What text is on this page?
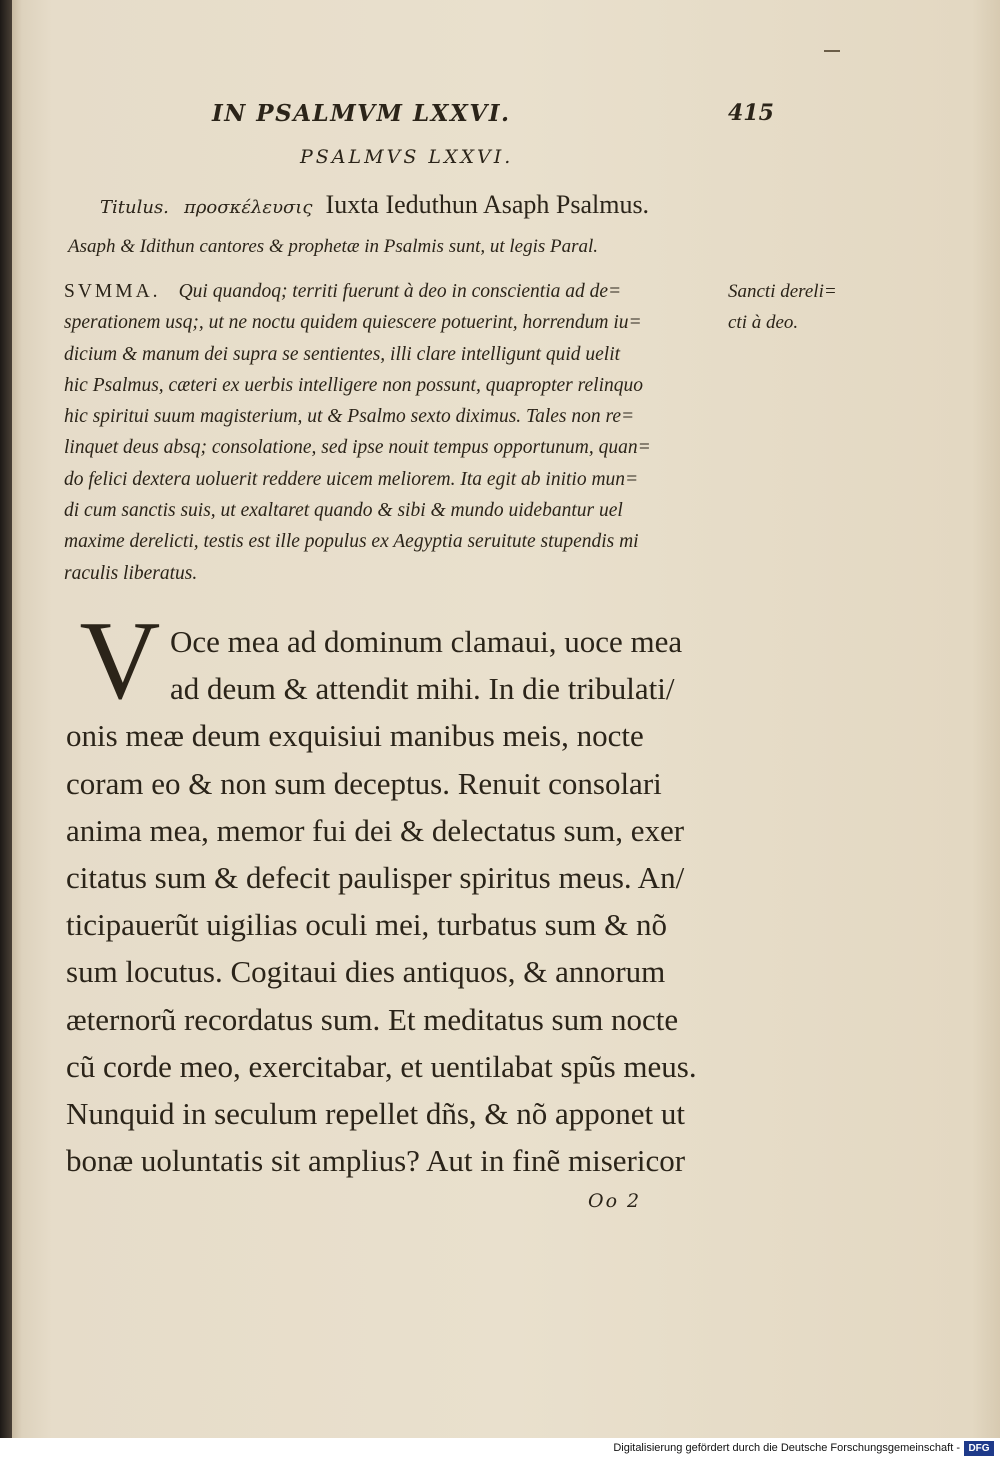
IN PSALMVM LXXVI.	415
PSALMVS LXXVI.
Titulus. προσκέλευσις Iuxta Ieduthun Asaph Psalmus.
Asaph & Idithun cantores & prophetæ in Psalmis sunt, ut legis Paral.
SVMMA. Qui quandoq; territi fuerunt à deo in conscientia ad de=
sperationem usq;, ut ne noctu quidem quiescere potuerint, horrendum iu=
dicium & manum dei supra se sentientes, illi clare intelligunt quid uelit
hic Psalmus, cæteri ex uerbis intelligere non possunt, quapropter relinquo
hic spiritui suum magisterium, ut & Psalmo sexto diximus. Tales non re=
linquet deus absq; consolatione, sed ipse nouit tempus opportunum, quan=
do felici dextera uoluerit reddere uicem meliorem. Ita egit ab initio mun=
di cum sanctis suis, ut exaltaret quando & sibi & mundo uidebantur uel
maxime derelicti, testis est ille populus ex Aegyptia seruitute stupendis mi
raculis liberatus.
Sancti dereli=
cti à deo.
V Oce mea ad dominum clamaui, uoce mea
ad deum & attendit mihi. In die tribulati/
onis meæ deum exquisiui manibus meis, nocte
coram eo & non sum deceptus. Renuit consolari
anima mea, memor fui dei & delectatus sum, exer
citatus sum & defecit paulisper spiritus meus. An/
ticipauerũt uigilias oculi mei, turbatus sum & nõ
sum locutus. Cogitaui dies antiquos, & annorum
æternorũ recordatus sum. Et meditatus sum nocte
cũ corde meo, exercitabar, et uentilabat spũs meus.
Nunquid in seculum repellet dñs, & nõ apponet ut
bonæ uoluntatis sit amplius? Aut in finẽ misericor
Oo 2
Digitalisierung gefördert durch die Deutsche Forschungsgemeinschaft - DFG
